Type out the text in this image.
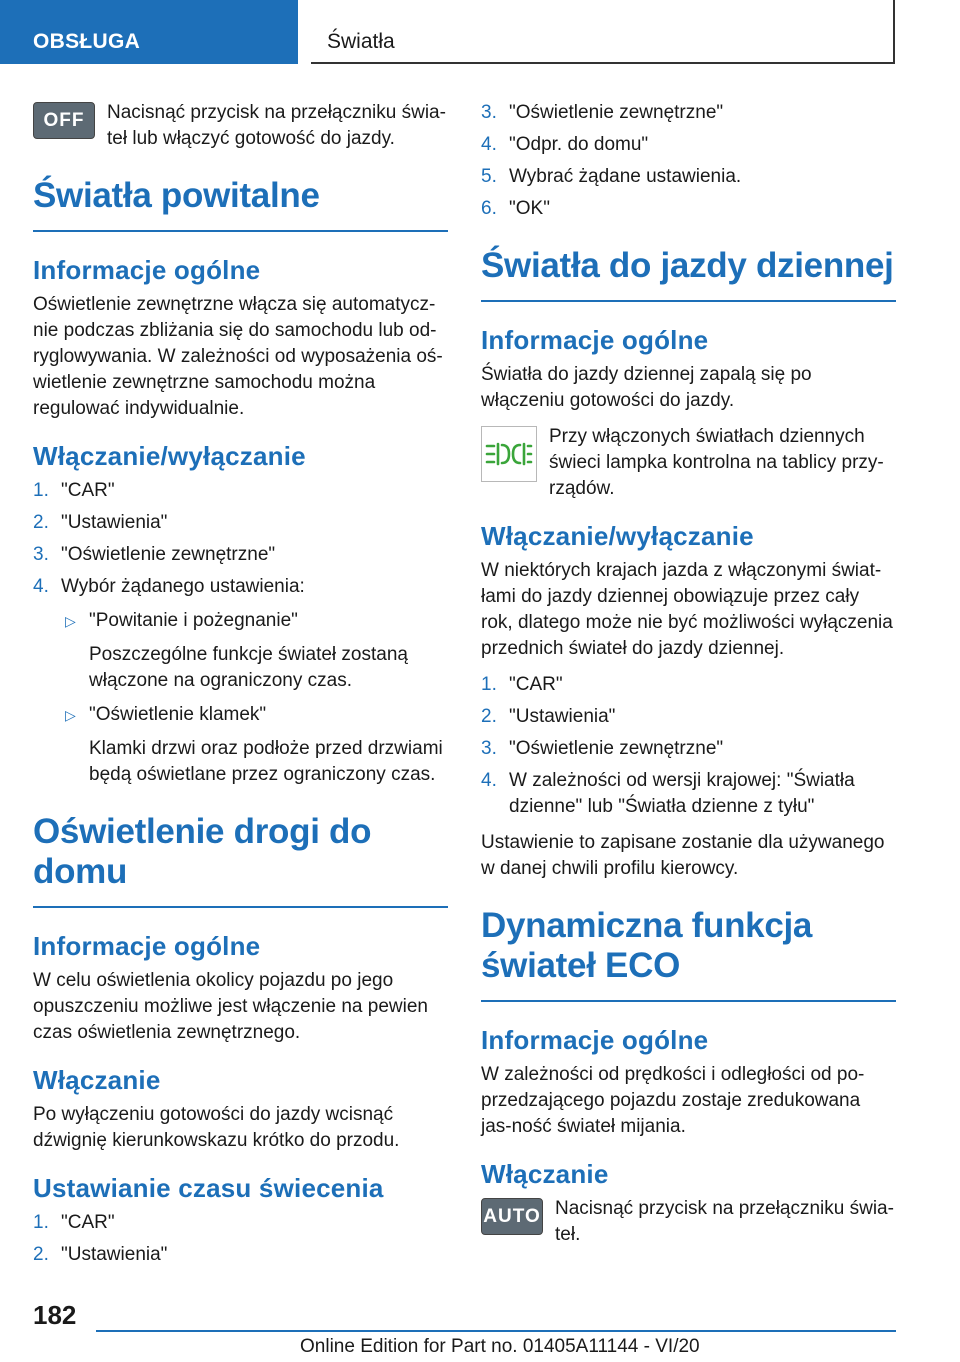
OBSŁUGA	Światła
OFF	Nacisnąć przycisk na przełączniku świa-teł lub włączyć gotowość do jazdy.
Światła powitalne
Informacje ogólne
Oświetlenie zewnętrzne włącza się automatycz-nie podczas zbliżania się do samochodu lub od-ryglowywania. W zależności od wyposażenia oś-wietlenie zewnętrzne samochodu można regulować indywidualnie.
Włączanie/wyłączanie
1. "CAR"
2. "Ustawienia"
3. "Oświetlenie zewnętrzne"
4. Wybór żądanego ustawienia:
▷ "Powitanie i pożegnanie"
Poszczególne funkcje świateł zostaną włączone na ograniczony czas.
▷ "Oświetlenie klamek"
Klamki drzwi oraz podłoże przed drzwiami będą oświetlane przez ograniczony czas.
Oświetlenie drogi do domu
Informacje ogólne
W celu oświetlenia okolicy pojazdu po jego opuszczeniu możliwe jest włączenie na pewien czas oświetlenia zewnętrznego.
Włączanie
Po wyłączeniu gotowości do jazdy wcisnąć dźwignię kierunkowskazu krótko do przodu.
Ustawianie czasu świecenia
1. "CAR"
2. "Ustawienia"
3. "Oświetlenie zewnętrzne"
4. "Odpr. do domu"
5. Wybrać żądane ustawienia.
6. "OK"
Światła do jazdy dziennej
Informacje ogólne
Światła do jazdy dziennej zapalą się po włączeniu gotowości do jazdy.
Przy włączonych światłach dziennych świeci lampka kontrolna na tablicy przy-rządów.
Włączanie/wyłączanie
W niektórych krajach jazda z włączonymi świat-łami do jazdy dziennej obowiązuje przez cały rok, dlatego może nie być możliwości wyłączenia przednich świateł do jazdy dziennej.
1. "CAR"
2. "Ustawienia"
3. "Oświetlenie zewnętrzne"
4. W zależności od wersji krajowej: "Światła dzienne" lub "Światła dzienne z tyłu"
Ustawienie to zapisane zostanie dla używanego w danej chwili profilu kierowcy.
Dynamiczna funkcja świateł ECO
Informacje ogólne
W zależności od prędkości i odległości od po-przedzającego pojazdu zostaje zredukowana jas-ność świateł mijania.
Włączanie
AUTO Nacisnąć przycisk na przełączniku świa-teł.
182
Online Edition for Part no. 01405A11144 - VI/20
